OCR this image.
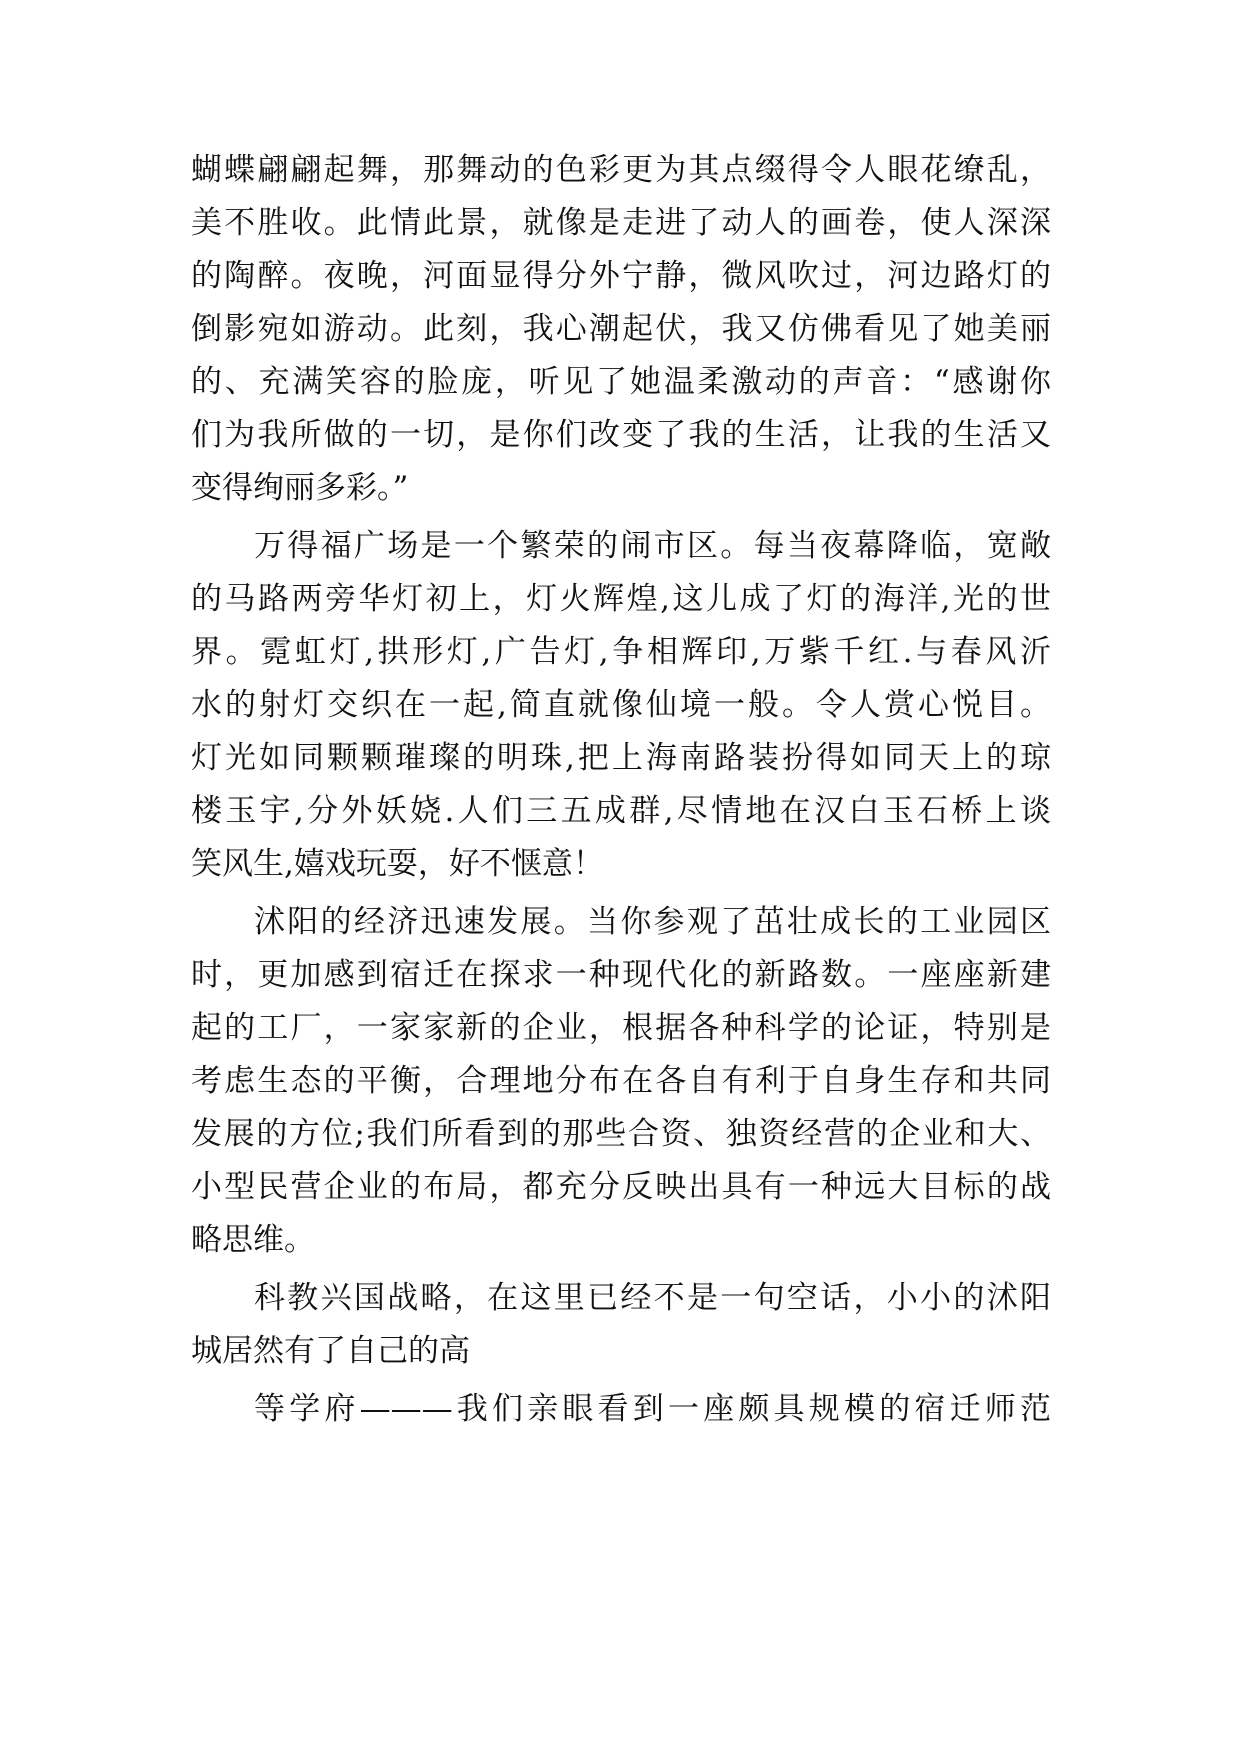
蝴蝶翩翩起舞，那舞动的色彩更为其点缀得令人眼花缭乱，
美不胜收。此情此景，就像是走进了动人的画卷，使人深深
的陶醉。夜晚，河面显得分外宁静，微风吹过，河边路灯的
倒影宛如游动。此刻，我心潮起伏，我又仿佛看见了她美丽
的、充满笑容的脸庞，听见了她温柔激动的声音：“感谢你
们为我所做的一切，是你们改变了我的生活，让我的生活又
变得绚丽多彩。”
万得福广场是一个繁荣的闹市区。每当夜幕降临，宽敞
的马路两旁华灯初上，灯火辉煌,这儿成了灯的海洋,光的世
界。霓虹灯,拱形灯,广告灯,争相辉印,万紫千红.与春风沂
水的射灯交织在一起,简直就像仙境一般。令人赏心悦目。
灯光如同颗颗璀璨的明珠,把上海南路装扮得如同天上的琼
楼玉宇,分外妖娆.人们三五成群,尽情地在汉白玉石桥上谈
笑风生,嬉戏玩耍，好不惬意！
沭阳的经济迅速发展。当你参观了茁壮成长的工业园区
时，更加感到宿迁在探求一种现代化的新路数。一座座新建
起的工厂，一家家新的企业，根据各种科学的论证，特别是
考虑生态的平衡，合理地分布在各自有利于自身生存和共同
发展的方位;我们所看到的那些合资、独资经营的企业和大、
小型民营企业的布局，都充分反映出具有一种远大目标的战
略思维。
科教兴国战略，在这里已经不是一句空话，小小的沭阳
城居然有了自己的高
等学府———我们亲眼看到一座颇具规模的宿迁师范
